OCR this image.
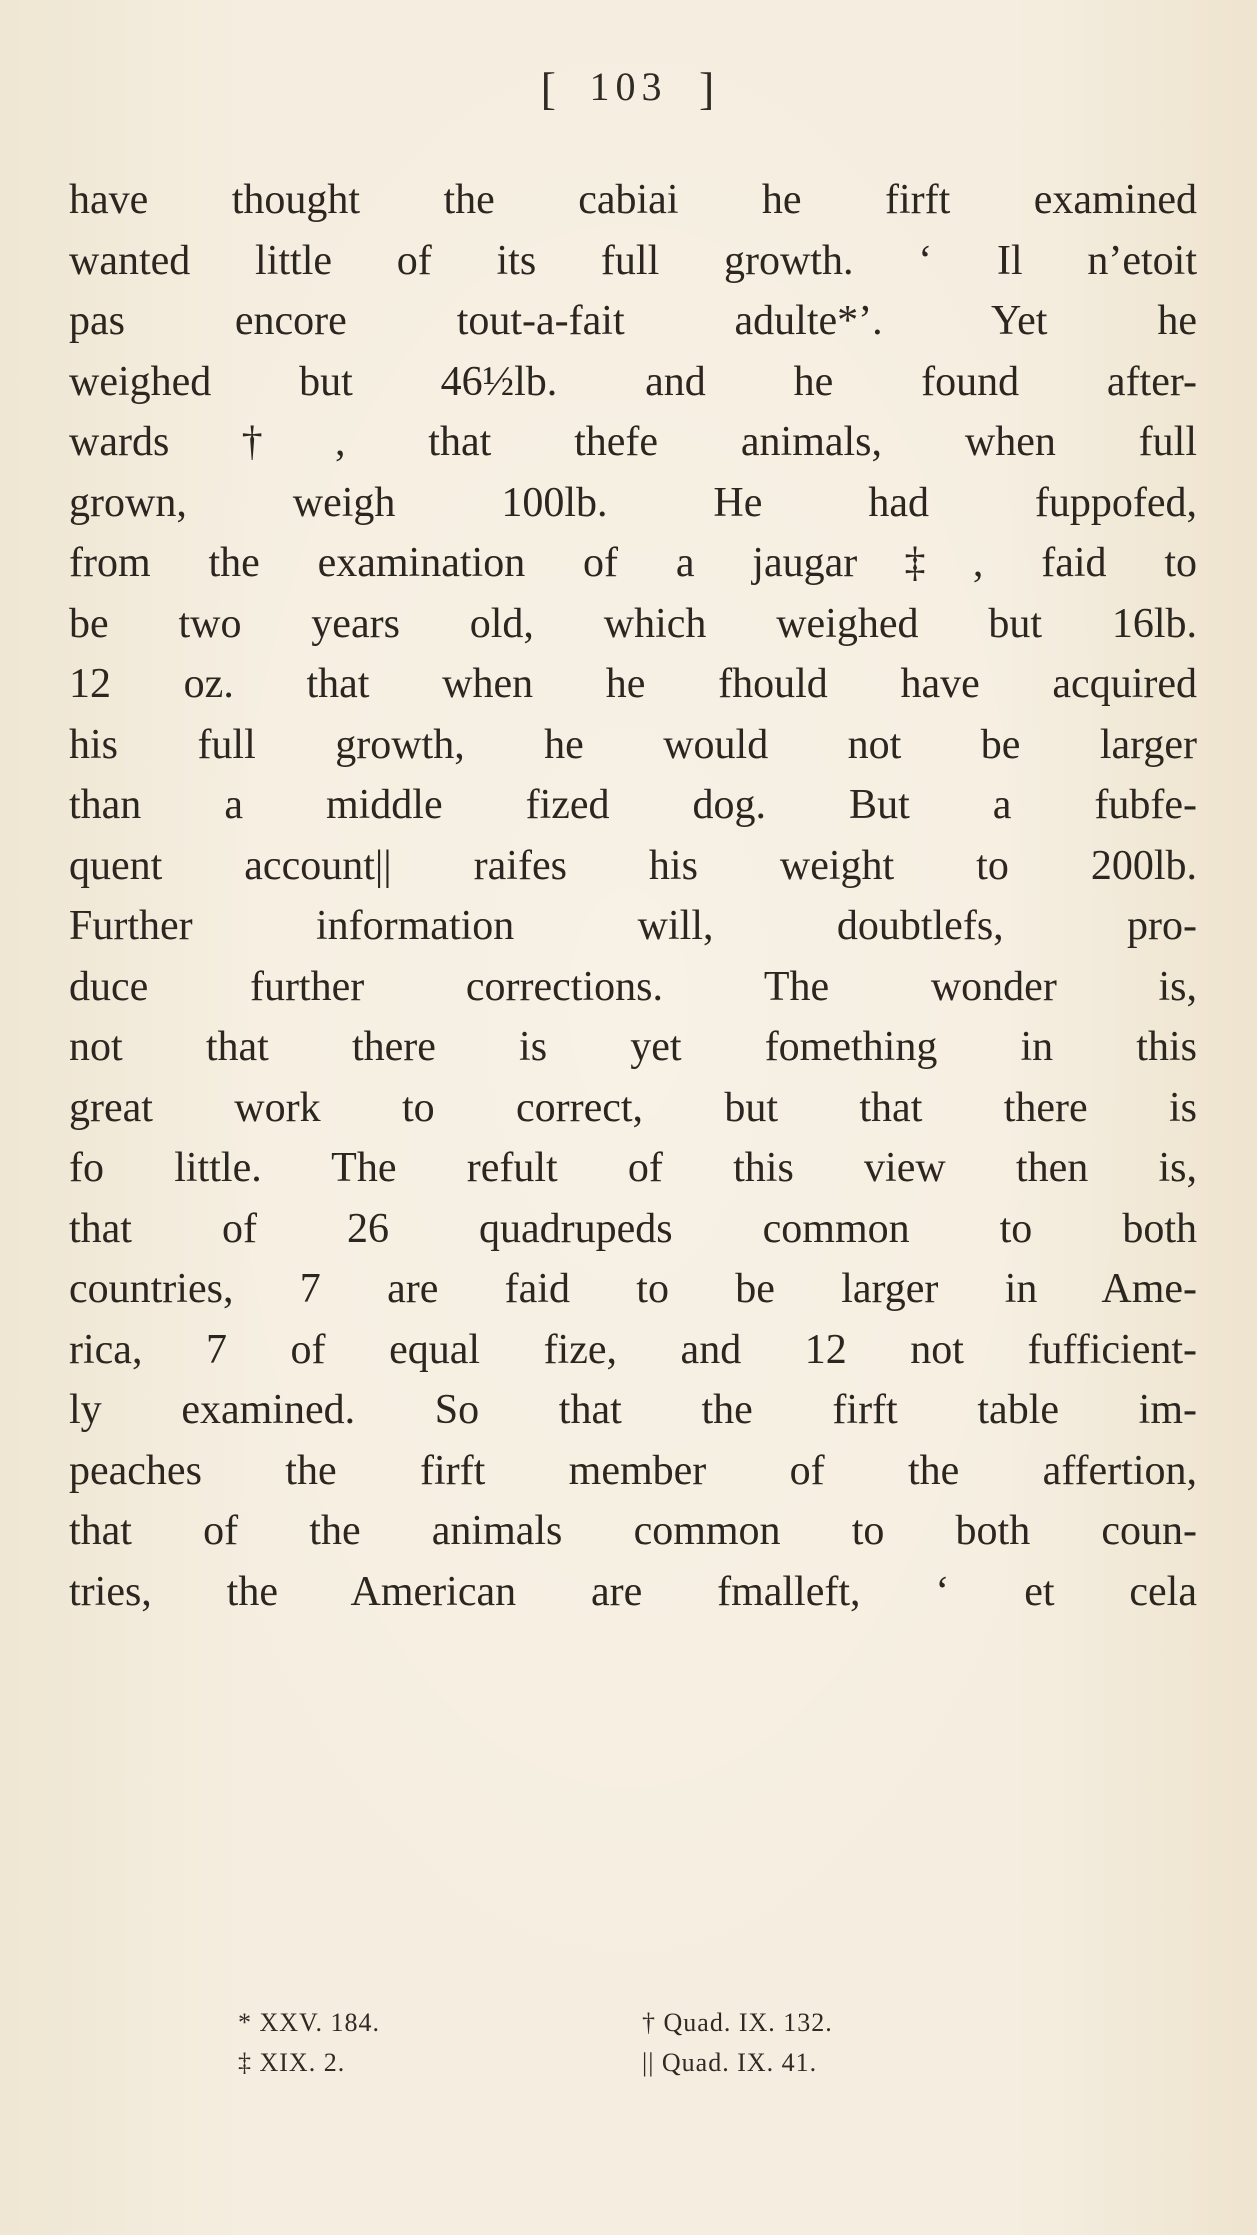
[ 103 ]
have thought the cabiai he firft examined
wanted little of its full growth. ‘ Il n’etoit
pas encore tout-a-fait adulte*’. Yet he
weighed but 46½lb. and he found after-
wards†, that thefe animals, when full
grown, weigh 100lb. He had fuppofed,
from the examination of a jaugar‡, faid to
be two years old, which weighed but 16lb.
12 oz. that when he fhould have acquired
his full growth, he would not be larger
than a middle fized dog. But a fubfe-
quent account|| raifes his weight to 200lb.
Further information will, doubtlefs, pro-
duce further corrections. The wonder is,
not that there is yet fomething in this
great work to correct, but that there is
fo little. The refult of this view then is,
that of 26 quadrupeds common to both
countries, 7 are faid to be larger in Ame-
rica, 7 of equal fize, and 12 not fufficient-
ly examined. So that the firft table im-
peaches the firft member of the affertion,
that of the animals common to both coun-
tries, the American are fmalleft, ‘ et cela
* XXV. 184.	† Quad. IX. 132.
‡ XIX. 2.	|| Quad. IX. 41.
